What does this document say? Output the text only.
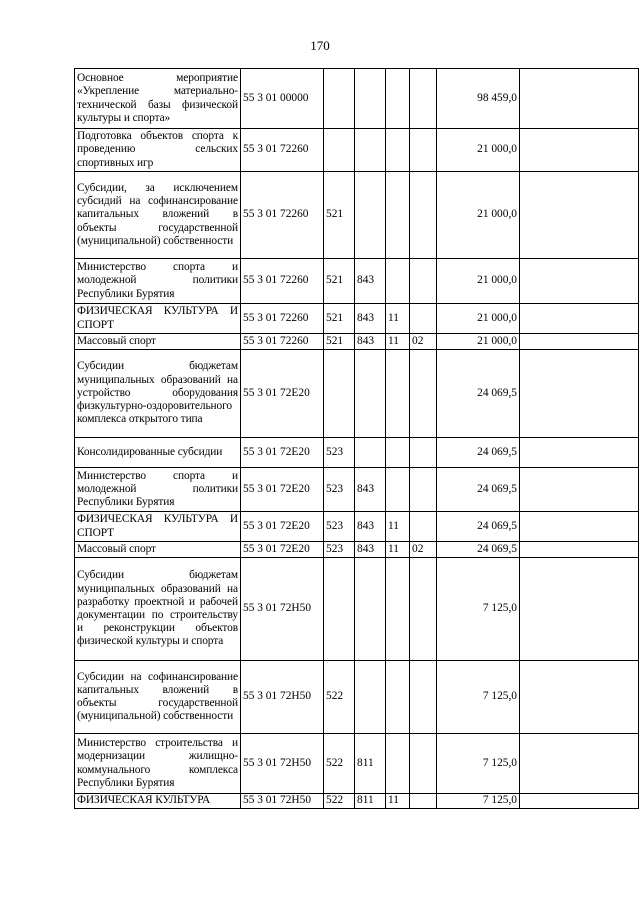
170
Основное мероприятие «Укрепление материально-технической базы физической культуры и спорта»	55 3 01 00000					98 459,0	
Подготовка объектов спорта к проведению сельских спортивных игр	55 3 01 72260					21 000,0	
Субсидии, за исключением субсидий на софинансирование капитальных вложений в объекты государственной (муниципальной) собственности	55 3 01 72260	521				21 000,0	
Министерство спорта и молодежной политики Республики Бурятия	55 3 01 72260	521	843			21 000,0	
ФИЗИЧЕСКАЯ КУЛЬТУРА И СПОРТ	55 3 01 72260	521	843	11		21 000,0	
Массовый спорт	55 3 01 72260	521	843	11	02	21 000,0	
Субсидии бюджетам муниципальных образований на устройство оборудования физкультурно-оздоровительного комплекса открытого типа	55 3 01 72Е20					24 069,5	
Консолидированные субсидии	55 3 01 72Е20	523				24 069,5	
Министерство спорта и молодежной политики Республики Бурятия	55 3 01 72Е20	523	843			24 069,5	
ФИЗИЧЕСКАЯ КУЛЬТУРА И СПОРТ	55 3 01 72Е20	523	843	11		24 069,5	
Массовый спорт	55 3 01 72Е20	523	843	11	02	24 069,5	
Субсидии бюджетам муниципальных образований на разработку проектной и рабочей документации по строительству и реконструкции объектов физической культуры и спорта	55 3 01 72Н50					7 125,0	
Субсидии на софинансирование капитальных вложений в объекты государственной (муниципальной) собственности	55 3 01 72Н50	522				7 125,0	
Министерство строительства и модернизации жилищно-коммунального комплекса Республики Бурятия	55 3 01 72Н50	522	811			7 125,0	
ФИЗИЧЕСКАЯ КУЛЬТУРА	55 3 01 72Н50	522	811	11		7 125,0	
